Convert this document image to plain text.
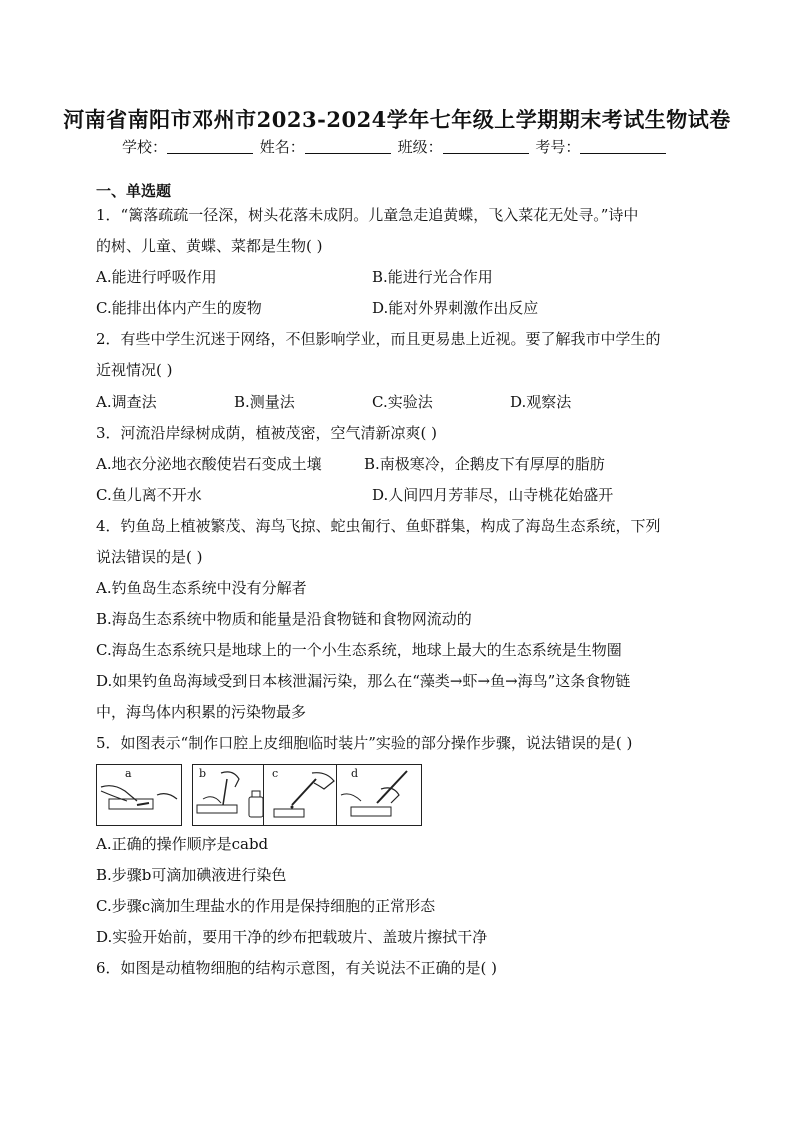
河南省南阳市邓州市2023-2024学年七年级上学期期末考试生物试卷
学校：	姓名：	班级：	考号：
一、单选题
1．“篱落疏疏一径深，树头花落未成阴。儿童急走追黄蝶，飞入菜花无处寻。”诗中
的树、儿童、黄蝶、菜都是生物( )
A.能进行呼吸作用	B.能进行光合作用
C.能排出体内产生的废物	D.能对外界刺激作出反应
2．有些中学生沉迷于网络，不但影响学业，而且更易患上近视。要了解我市中学生的
近视情况( )
A.调查法	B.测量法	C.实验法	D.观察法
3．河流沿岸绿树成荫，植被茂密，空气清新凉爽( )
A.地衣分泌地衣酸使岩石变成土壤	B.南极寒冷，企鹅皮下有厚厚的脂肪
C.鱼儿离不开水	D.人间四月芳菲尽，山寺桃花始盛开
4．钓鱼岛上植被繁茂、海鸟飞掠、蛇虫匍行、鱼虾群集，构成了海岛生态系统，下列
说法错误的是( )
A.钓鱼岛生态系统中没有分解者
B.海岛生态系统中物质和能量是沿食物链和食物网流动的
C.海岛生态系统只是地球上的一个小生态系统，地球上最大的生态系统是生物圈
D.如果钓鱼岛海域受到日本核泄漏污染，那么在“藻类→虾→鱼→海鸟”这条食物链
中，海鸟体内积累的污染物最多
5．如图表示“制作口腔上皮细胞临时装片”实验的部分操作步骤，说法错误的是( )
a	b	c	d
A.正确的操作顺序是cabd
B.步骤b可滴加碘液进行染色
C.步骤c滴加生理盐水的作用是保持细胞的正常形态
D.实验开始前，要用干净的纱布把载玻片、盖玻片擦拭干净
6．如图是动植物细胞的结构示意图，有关说法不正确的是( )
